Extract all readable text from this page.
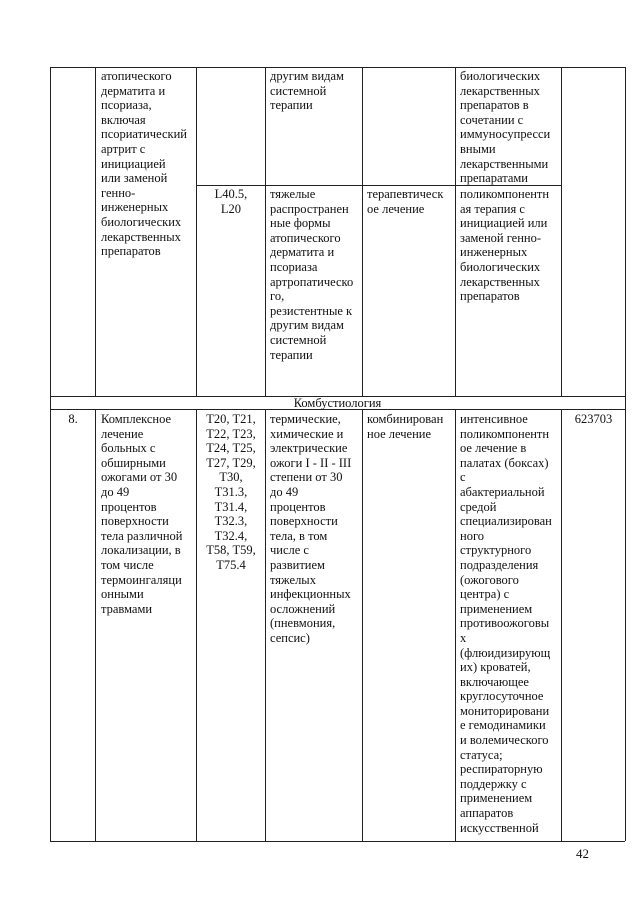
атопического
дерматита и
псориаза,
включая
псориатический
артрит с
инициацией
или заменой
генно-
инженерных
биологических
лекарственных
препаратов
другим видам
системной
терапии
биологических
лекарственных
препаратов в
сочетании с
иммуносупресси
вными
лекарственными
препаратами
L40.5,
L20
тяжелые
распространен
ные формы
атопического
дерматита и
псориаза
артропатическо
го,
резистентные к
другим видам
системной
терапии
терапевтическ
ое лечение
поликомпонентн
ая терапия с
инициацией или
заменой генно-
инженерных
биологических
лекарственных
препаратов
Комбустиология
8.	Комплексное
лечение
больных с
обширными
ожогами от 30
до 49
процентов
поверхности
тела различной
локализации, в
том числе
термоингаляци
онными
травмами
T20, T21,
T22, T23,
T24, T25,
T27, T29,
T30,
T31.3,
T31.4,
T32.3,
T32.4,
T58, T59,
T75.4
термические,
химические и
электрические
ожоги I - II - III
степени от 30
до 49
процентов
поверхности
тела, в том
числе с
развитием
тяжелых
инфекционных
осложнений
(пневмония,
сепсис)
комбинирован
ное лечение
интенсивное
поликомпонентн
ое лечение в
палатах (боксах)
с
абактериальной
средой
специализирован
ного
структурного
подразделения
(ожогового
центра) с
применением
противоожоговы
х
(флюидизирующ
их) кроватей,
включающее
круглосуточное
мониторировани
е гемодинамики
и волемического
статуса;
респираторную
поддержку с
применением
аппаратов
искусственной
623703
42
